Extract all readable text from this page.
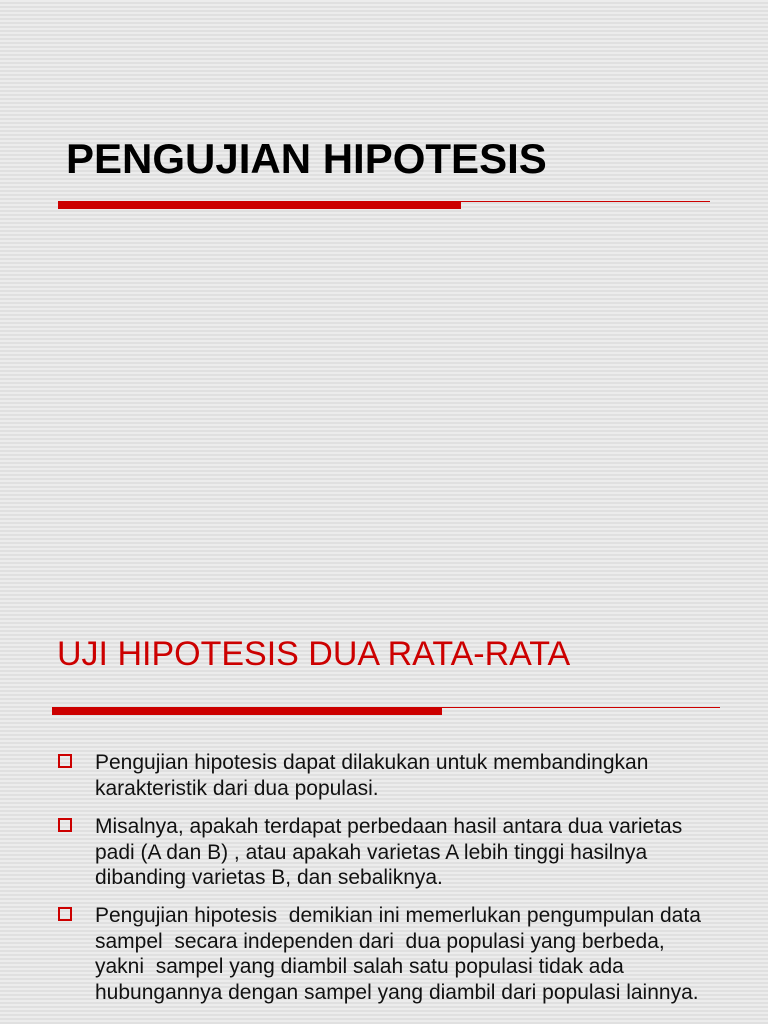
PENGUJIAN HIPOTESIS
UJI HIPOTESIS DUA RATA-RATA
Pengujian hipotesis dapat dilakukan untuk membandingkan
karakteristik dari dua populasi.
Misalnya, apakah terdapat perbedaan hasil antara dua varietas
padi (A dan B) , atau apakah varietas A lebih tinggi hasilnya
dibanding varietas B, dan sebaliknya.
Pengujian hipotesis  demikian ini memerlukan pengumpulan data
sampel  secara independen dari  dua populasi yang berbeda,
yakni  sampel yang diambil salah satu populasi tidak ada
hubungannya dengan sampel yang diambil dari populasi lainnya.
